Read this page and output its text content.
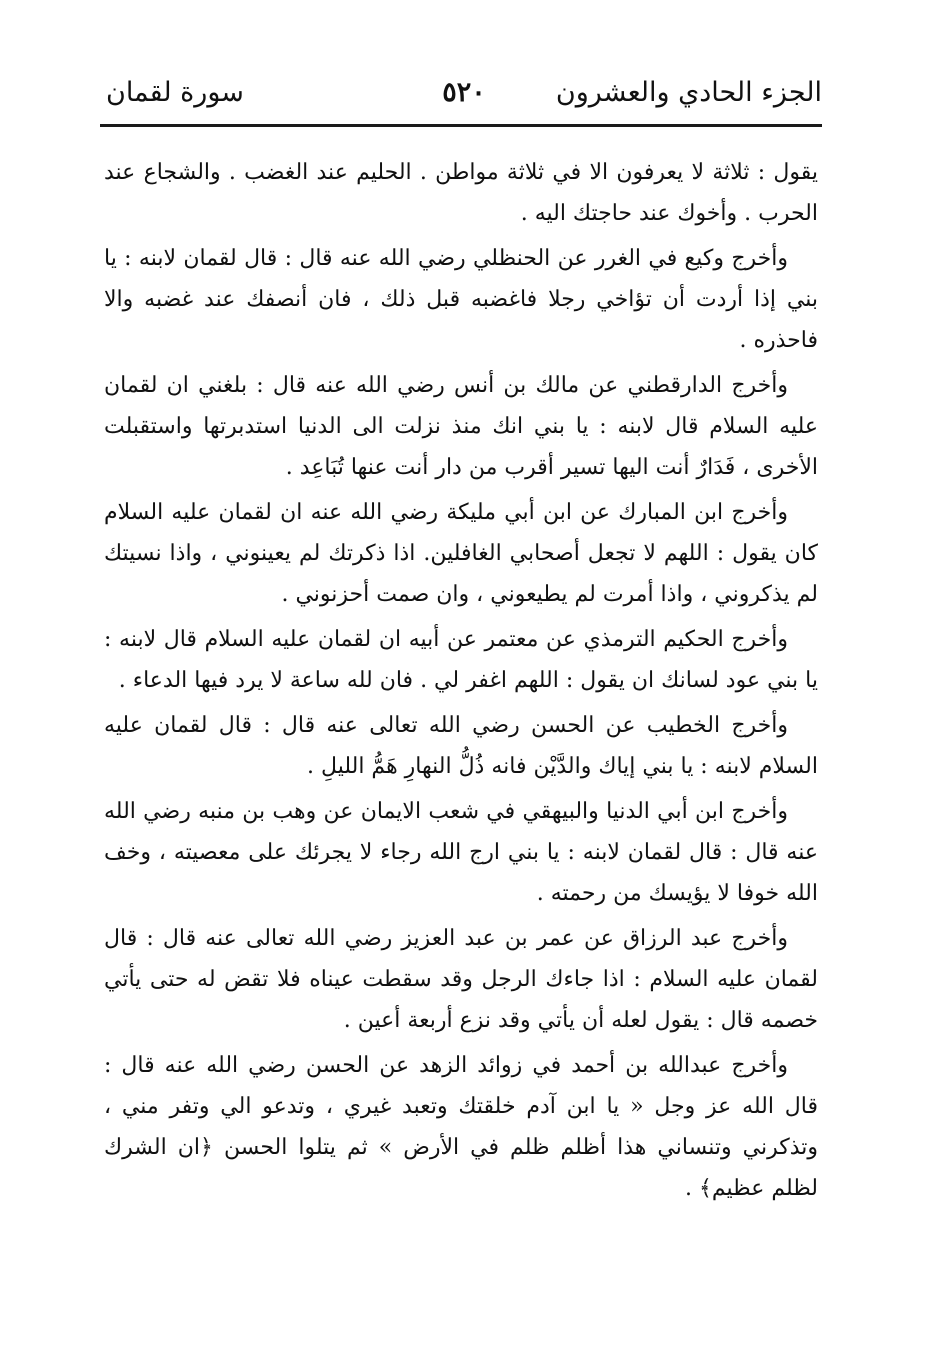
الجزء الحادي والعشرون
٥٢٠
سورة لقمان

يقول : ثلاثة لا يعرفون الا في ثلاثة مواطن . الحليم عند الغضب . والشجاع عند الحرب . وأخوك عند حاجتك اليه .

وأخرج وكيع في الغرر عن الحنظلي رضي الله عنه قال : قال لقمان لابنه : يا بني إذا أردت أن تؤاخي رجلا فاغضبه قبل ذلك ، فان أنصفك عند غضبه والا فاحذره .

وأخرج الدارقطني عن مالك بن أنس رضي الله عنه قال : بلغني ان لقمان عليه السلام قال لابنه : يا بني انك منذ نزلت الى الدنيا استدبرتها واستقبلت الأخرى ، فَدَارٌ أنت اليها تسير أقرب من دار أنت عنها تُبَاعِد .

وأخرج ابن المبارك عن ابن أبي مليكة رضي الله عنه ان لقمان عليه السلام كان يقول : اللهم لا تجعل أصحابي الغافلين. اذا ذكرتك لم يعينوني ، واذا نسيتك لم يذكروني ، واذا أمرت لم يطيعوني ، وان صمت أحزنوني .

وأخرج الحكيم الترمذي عن معتمر عن أبيه ان لقمان عليه السلام قال لابنه : يا بني عود لسانك ان يقول : اللهم اغفر لي . فان لله ساعة لا يرد فيها الدعاء .

وأخرج الخطيب عن الحسن رضي الله تعالى عنه قال : قال لقمان عليه السلام لابنه : يا بني إياك والدَّيْن فانه ذُلُّ النهارِ هَمُّ الليلِ .

وأخرج ابن أبي الدنيا والبيهقي في شعب الايمان عن وهب بن منبه رضي الله عنه قال : قال لقمان لابنه : يا بني ارج الله رجاء لا يجرئك على معصيته ، وخف الله خوفا لا يؤيسك من رحمته .

وأخرج عبد الرزاق عن عمر بن عبد العزيز رضي الله تعالى عنه قال : قال لقمان عليه السلام : اذا جاءك الرجل وقد سقطت عيناه فلا تقض له حتى يأتي خصمه قال : يقول لعله أن يأتي وقد نزع أربعة أعين .

وأخرج عبدالله بن أحمد في زوائد الزهد عن الحسن رضي الله عنه قال : قال الله عز وجل « يا ابن آدم خلقتك وتعبد غيري ، وتدعو الي وتفر مني ، وتذكرني وتنساني هذا أظلم ظلم في الأرض » ثم يتلوا الحسن ﴿ان الشرك لظلم عظيم﴾ .
